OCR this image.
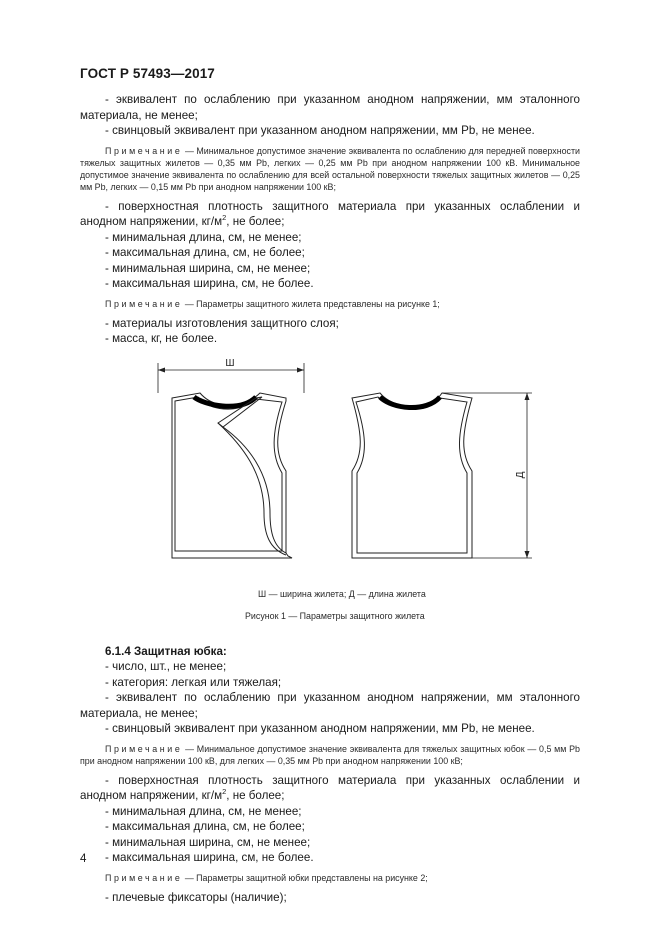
ГОСТ Р 57493—2017
- эквивалент по ослаблению при указанном анодном напряжении, мм эталонного материала, не менее;
- свинцовый эквивалент при указанном анодном напряжении, мм Pb, не менее.
Примечание — Минимальное допустимое значение эквивалента по ослаблению для передней поверхности тяжелых защитных жилетов — 0,35 мм Pb, легких — 0,25 мм Pb при анодном напряжении 100 кВ. Минимальное допустимое значение эквивалента по ослаблению для всей остальной поверхности тяжелых защитных жилетов — 0,25 мм Pb, легких — 0,15 мм Pb при анодном напряжении 100 кВ;
- поверхностная плотность защитного материала при указанных ослаблении и анодном напряжении, $кг/м^2$, не более;
- минимальная длина, см, не менее;
- максимальная длина, см, не более;
- минимальная ширина, см, не менее;
- максимальная ширина, см, не более.
Примечание — Параметры защитного жилета представлены на рисунке 1;
- материалы изготовления защитного слоя;
- масса, кг, не более.
Ш
Д
Ш — ширина жилета; Д — длина жилета
Рисунок 1 — Параметры защитного жилета
6.1.4 Защитная юбка:
- число, шт., не менее;
- категория: легкая или тяжелая;
- эквивалент по ослаблению при указанном анодном напряжении, мм эталонного материала, не менее;
- свинцовый эквивалент при указанном анодном напряжении, мм Pb, не менее.
Примечание — Минимальное допустимое значение эквивалента для тяжелых защитных юбок — 0,5 мм Pb при анодном напряжении 100 кВ, для легких — 0,35 мм Pb при анодном напряжении 100 кВ;
- поверхностная плотность защитного материала при указанных ослаблении и анодном напряжении, $кг/м^2$, не более;
- минимальная длина, см, не менее;
- максимальная длина, см, не более;
- минимальная ширина, см, не менее;
- максимальная ширина, см, не более.
Примечание — Параметры защитной юбки представлены на рисунке 2;
- плечевые фиксаторы (наличие);
4
